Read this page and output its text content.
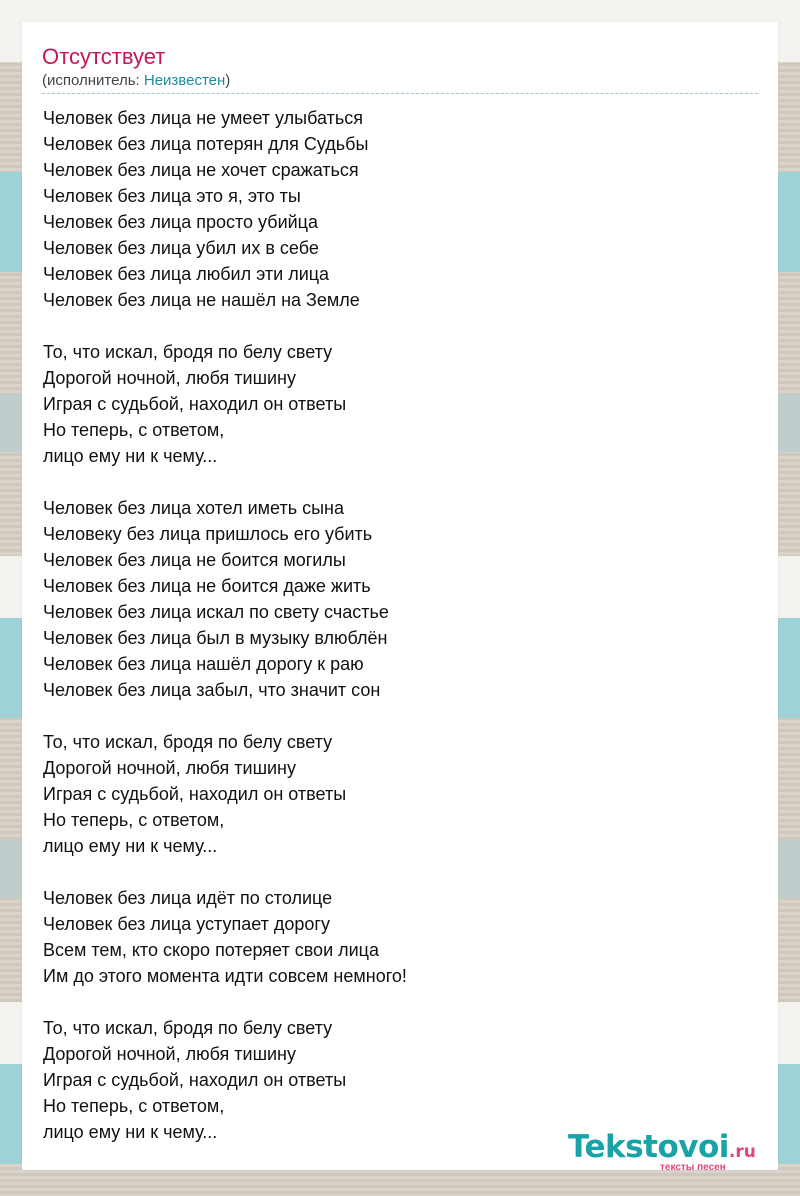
Отсутствует
(исполнитель: Неизвестен)
Человек без лица не умеет улыбаться
Человек без лица потерян для Судьбы
Человек без лица не хочет сражаться
Человек без лица это я, это ты
Человек без лица просто убийца
Человек без лица убил их в себе
Человек без лица любил эти лица
Человек без лица не нашёл на Земле
То, что искал, бродя по белу свету
Дорогой ночной, любя тишину
Играя с судьбой, находил он ответы
Но теперь, с ответом,
лицо ему ни к чему...
Человек без лица хотел иметь сына
Человеку без лица пришлось его убить
Человек без лица не боится могилы
Человек без лица не боится даже жить
Человек без лица искал по свету счастье
Человек без лица был в музыку влюблён
Человек без лица нашёл дорогу к раю
Человек без лица забыл, что значит сон
То, что искал, бродя по белу свету
Дорогой ночной, любя тишину
Играя с судьбой, находил он ответы
Но теперь, с ответом,
лицо ему ни к чему...
Человек без лица идёт по столице
Человек без лица уступает дорогу
Всем тем, кто скоро потеряет свои лица
Им до этого момента идти совсем немного!
То, что искал, бродя по белу свету
Дорогой ночной, любя тишину
Играя с судьбой, находил он ответы
Но теперь, с ответом,
лицо ему ни к чему...	Tekstovoi.ru
тексты песен
